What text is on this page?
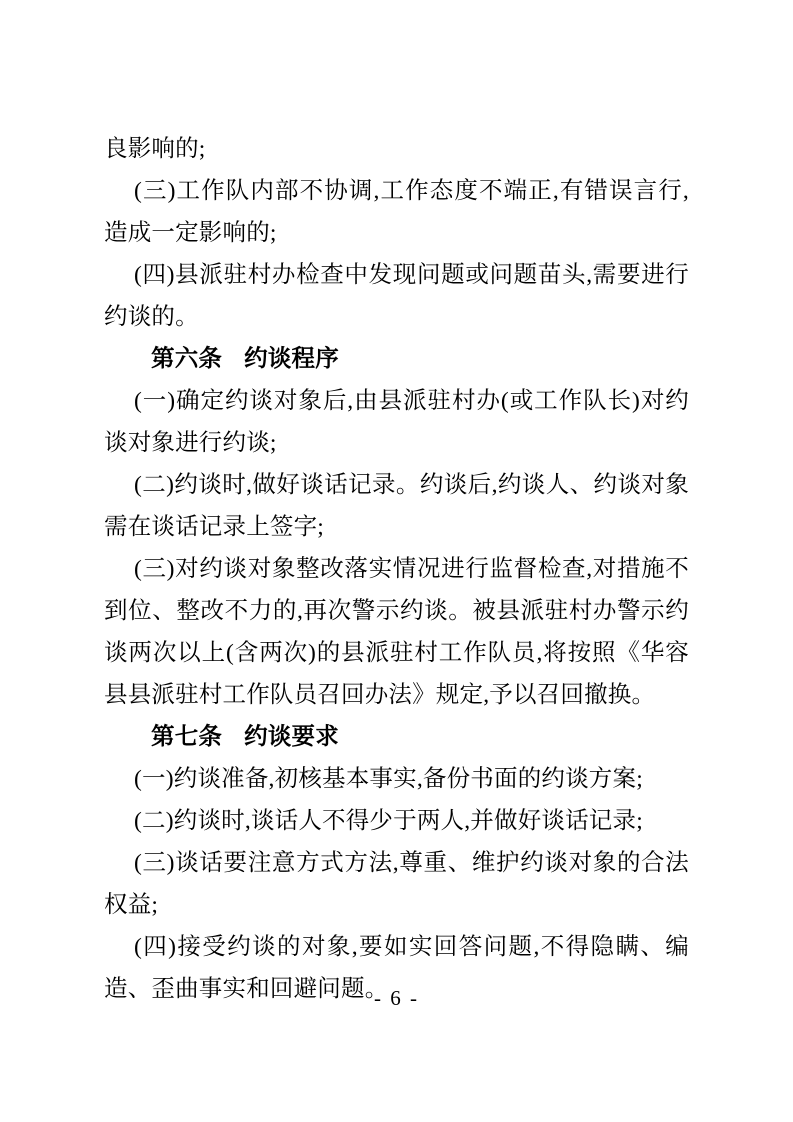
良影响的;

(三)工作队内部不协调,工作态度不端正,有错误言行,造成一定影响的;

(四)县派驻村办检查中发现问题或问题苗头,需要进行约谈的。

第六条 约谈程序

(一)确定约谈对象后,由县派驻村办(或工作队长)对约谈对象进行约谈;

(二)约谈时,做好谈话记录。约谈后,约谈人、约谈对象需在谈话记录上签字;

(三)对约谈对象整改落实情况进行监督检查,对措施不到位、整改不力的,再次警示约谈。被县派驻村办警示约谈两次以上(含两次)的县派驻村工作队员,将按照《华容县县派驻村工作队员召回办法》规定,予以召回撤换。

第七条 约谈要求

(一)约谈准备,初核基本事实,备份书面的约谈方案;

(二)约谈时,谈话人不得少于两人,并做好谈话记录;

(三)谈话要注意方式方法,尊重、维护约谈对象的合法权益;

(四)接受约谈的对象,要如实回答问题,不得隐瞒、编造、歪曲事实和回避问题。

- 6 -
